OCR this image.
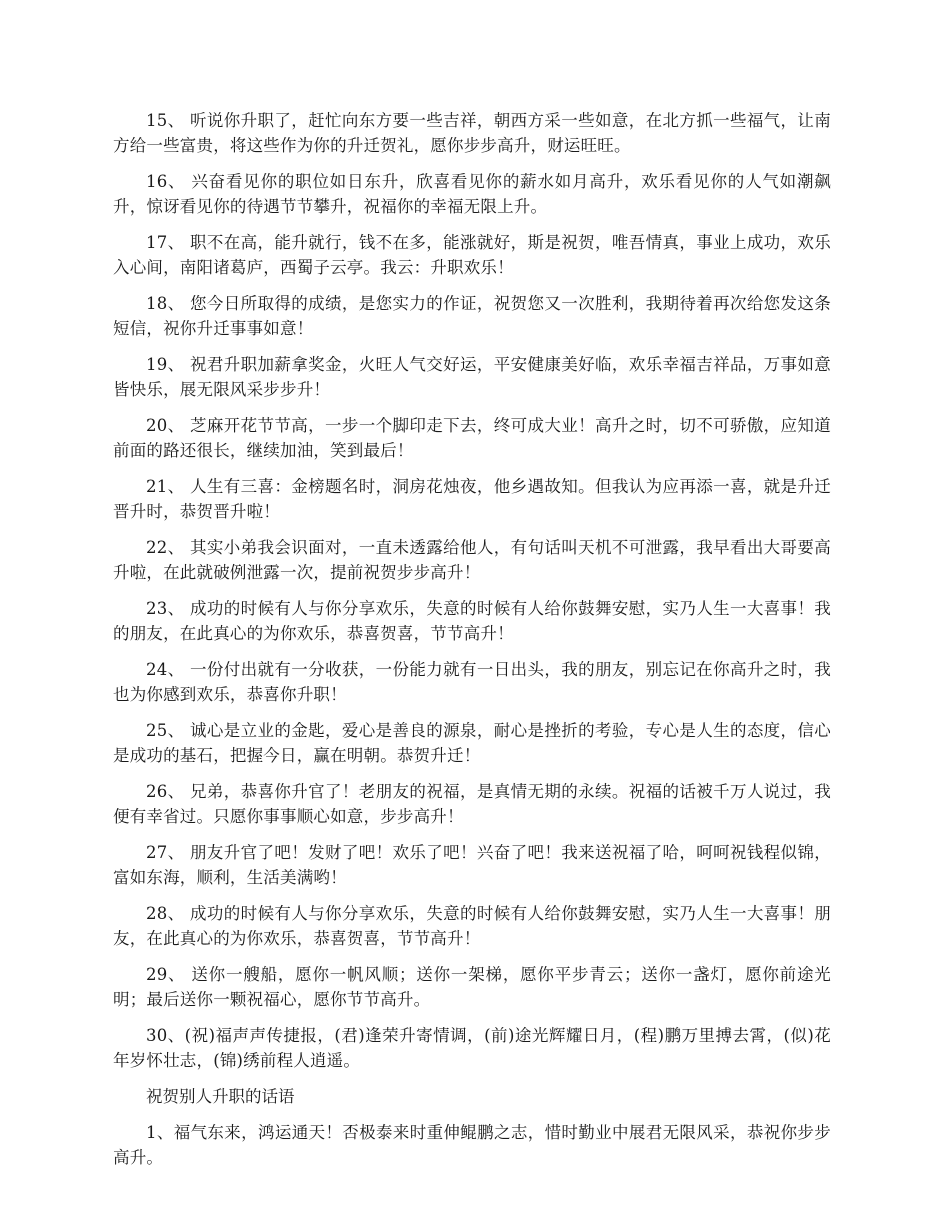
15、 听说你升职了，赶忙向东方要一些吉祥，朝西方采一些如意，在北方抓一些福气，让南方给一些富贵，将这些作为你的升迁贺礼，愿你步步高升，财运旺旺。

16、 兴奋看见你的职位如日东升，欣喜看见你的薪水如月高升，欢乐看见你的人气如潮飙升，惊讶看见你的待遇节节攀升，祝福你的幸福无限上升。

17、 职不在高，能升就行，钱不在多，能涨就好，斯是祝贺，唯吾情真，事业上成功，欢乐入心间，南阳诸葛庐，西蜀子云亭。我云：升职欢乐！

18、 您今日所取得的成绩，是您实力的作证，祝贺您又一次胜利，我期待着再次给您发这条短信，祝你升迁事事如意！

19、 祝君升职加薪拿奖金，火旺人气交好运，平安健康美好临，欢乐幸福吉祥品，万事如意皆快乐，展无限风采步步升！

20、 芝麻开花节节高，一步一个脚印走下去，终可成大业！高升之时，切不可骄傲，应知道前面的路还很长，继续加油，笑到最后！

21、 人生有三喜：金榜题名时，洞房花烛夜，他乡遇故知。但我认为应再添一喜，就是升迁晋升时，恭贺晋升啦！

22、 其实小弟我会识面对，一直未透露给他人，有句话叫天机不可泄露，我早看出大哥要高升啦，在此就破例泄露一次，提前祝贺步步高升！

23、 成功的时候有人与你分享欢乐，失意的时候有人给你鼓舞安慰，实乃人生一大喜事！我的朋友，在此真心的为你欢乐，恭喜贺喜，节节高升！

24、 一份付出就有一分收获，一份能力就有一日出头，我的朋友，别忘记在你高升之时，我也为你感到欢乐，恭喜你升职！

25、 诚心是立业的金匙，爱心是善良的源泉，耐心是挫折的考验，专心是人生的态度，信心是成功的基石，把握今日，赢在明朝。恭贺升迁！

26、 兄弟，恭喜你升官了！老朋友的祝福，是真情无期的永续。祝福的话被千万人说过，我便有幸省过。只愿你事事顺心如意，步步高升！

27、 朋友升官了吧！发财了吧！欢乐了吧！兴奋了吧！我来送祝福了哈，呵呵祝钱程似锦，富如东海，顺利，生活美满哟！

28、 成功的时候有人与你分享欢乐，失意的时候有人给你鼓舞安慰，实乃人生一大喜事！朋友，在此真心的为你欢乐，恭喜贺喜，节节高升！

29、 送你一艘船，愿你一帆风顺；送你一架梯，愿你平步青云；送你一盏灯，愿你前途光明；最后送你一颗祝福心，愿你节节高升。

30、(祝)福声声传捷报，(君)逢荣升寄情调，(前)途光辉耀日月，(程)鹏万里搏去霄，(似)花年岁怀壮志，(锦)绣前程人逍遥。

祝贺别人升职的话语

1、福气东来，鸿运通天！否极泰来时重伸鲲鹏之志，惜时勤业中展君无限风采，恭祝你步步高升。
